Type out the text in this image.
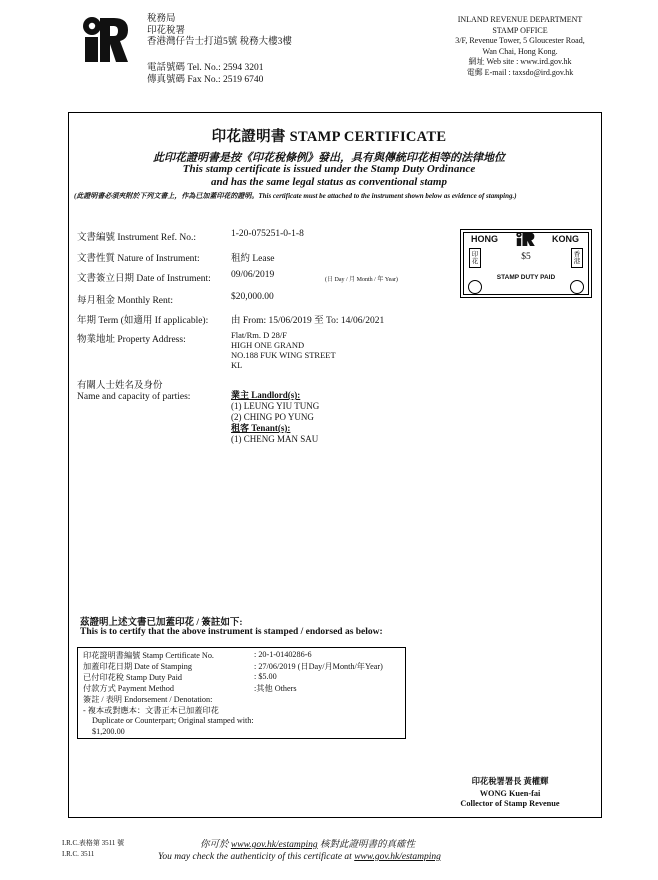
稅務局
印花稅署
香港灣仔告士打道5號 稅務大樓3樓
電話號碼 Tel. No.: 2594 3201
傳真號碼 Fax No.: 2519 6740
INLAND REVENUE DEPARTMENT
STAMP OFFICE
3/F, Revenue Tower, 5 Gloucester Road,
Wan Chai, Hong Kong.
網址 Web site : www.ird.gov.hk
電郵 E-mail : taxsdo@ird.gov.hk
印花證明書 STAMP CERTIFICATE
此印花證明書是按《印花稅條例》發出，具有與傳統印花相等的法律地位
This stamp certificate is issued under the Stamp Duty Ordinance
and has the same legal status as conventional stamp
(此證明書必須夾附於下列文書上，作為已加蓋印花的證明。This certificate must be attached to the instrument shown below as evidence of stamping.)
文書編號 Instrument Ref. No.:	1-20-075251-0-1-8
文書性質 Nature of Instrument:	租約 Lease
文書簽立日期 Date of Instrument: 09/06/2019	(日 Day / 月 Month / 年 Year)
每月租金 Monthly Rent:	$20,000.00
年期 Term (如適用 If applicable): 由 From: 15/06/2019 至 To: 14/06/2021
物業地址 Property Address:	Flat/Rm. D 28/F
HIGH ONE GRAND
NO.188 FUK WING STREET
KL
有關人士姓名及身份
Name and capacity of parties:	業主 Landlord(s):
(1) LEUNG YIU TUNG
(2) CHING PO YUNG
租客 Tenant(s):
(1) CHENG MAN SAU
HONG	KONG
$5
印花
香港
STAMP DUTY PAID
茲證明上述文書已加蓋印花 / 簽註如下:
This is to certify that the above instrument is stamped / endorsed as below:
印花證明書編號 Stamp Certificate No.	: 20-1-0140286-6
加蓋印花日期 Date of Stamping	: 27/06/2019 (日Day/月Month/年Year)
已付印花稅 Stamp Duty Paid	: $5.00
付款方式 Payment Method	:其他 Others
簽註 / 表明 Endorsement / Denotation:
- 複本或對應本：文書正本已加蓋印花
Duplicate or Counterpart; Original stamped with:
$1,200.00
印花稅署署長 黃權輝
WONG Kuen-fai
Collector of Stamp Revenue
I.R.C.表格第 3511 號
I.R.C. 3511
你可於 www.gov.hk/estamping 核對此證明書的真確性
You may check the authenticity of this certificate at www.gov.hk/estamping
